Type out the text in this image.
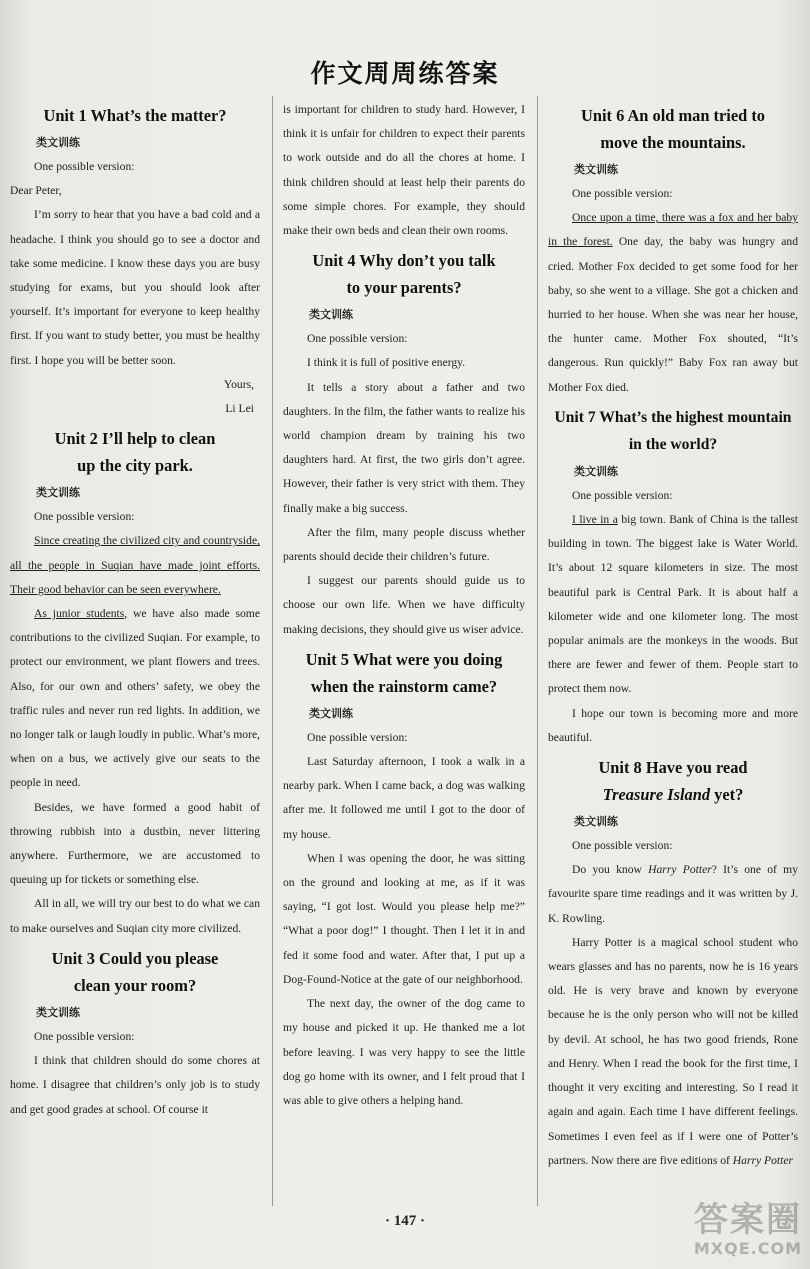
作文周周练答案
Unit 1 What’s the matter?
类文训练

One possible version:

Dear Peter,

I’m sorry to hear that you have a bad cold and a headache. I think you should go to see a doctor and take some medicine. I know these days you are busy studying for exams, but you should look after yourself. It’s important for everyone to keep healthy first. If you want to study better, you must be healthy first. I hope you will be better soon.

Yours,

Li Lei

Unit 2 I’ll help to clean
up the city park.
类文训练

One possible version:

Since creating the civilized city and countryside, all the people in Suqian have made joint efforts. Their good behavior can be seen everywhere.

As junior students, we have also made some contributions to the civilized Suqian. For example, to protect our environment, we plant flowers and trees. Also, for our own and others’ safety, we obey the traffic rules and never run red lights. In addition, we no longer talk or laugh loudly in public. What’s more, when on a bus, we actively give our seats to the people in need.

Besides, we have formed a good habit of throwing rubbish into a dustbin, never littering anywhere. Furthermore, we are accustomed to queuing up for tickets or something else.

All in all, we will try our best to do what we can to make ourselves and Suqian city more civilized.

Unit 3 Could you please
clean your room?
类文训练

One possible version:

I think that children should do some chores at home. I disagree that children’s only job is to study and get good grades at school. Of course it

is important for children to study hard. However, I think it is unfair for children to expect their parents to work outside and do all the chores at home. I think children should at least help their parents do some simple chores. For example, they should make their own beds and clean their own rooms.

Unit 4 Why don’t you talk
to your parents?
类文训练

One possible version:

I think it is full of positive energy.

It tells a story about a father and two daughters. In the film, the father wants to realize his world champion dream by training his two daughters hard. At first, the two girls don’t agree. However, their father is very strict with them. They finally make a big success.

After the film, many people discuss whether parents should decide their children’s future.

I suggest our parents should guide us to choose our own life. When we have difficulty making decisions, they should give us wiser advice.

Unit 5 What were you doing
when the rainstorm came?
类文训练

One possible version:

Last Saturday afternoon, I took a walk in a nearby park. When I came back, a dog was walking after me. It followed me until I got to the door of my house.

When I was opening the door, he was sitting on the ground and looking at me, as if it was saying, “I got lost. Would you please help me?” “What a poor dog!” I thought. Then I let it in and fed it some food and water. After that, I put up a Dog-Found-Notice at the gate of our neighborhood.

The next day, the owner of the dog came to my house and picked it up. He thanked me a lot before leaving. I was very happy to see the little dog go home with its owner, and I felt proud that I was able to give others a helping hand.

Unit 6 An old man tried to
move the mountains.
类文训练

One possible version:

Once upon a time, there was a fox and her baby in the forest. One day, the baby was hungry and cried. Mother Fox decided to get some food for her baby, so she went to a village. She got a chicken and hurried to her house. When she was near her house, the hunter came. Mother Fox shouted, “It’s dangerous. Run quickly!” Baby Fox ran away but Mother Fox died.

Unit 7 What’s the highest mountain
in the world?
类文训练

One possible version:

I live in a big town. Bank of China is the tallest building in town. The biggest lake is Water World. It’s about 12 square kilometers in size. The most beautiful park is Central Park. It is about half a kilometer wide and one kilometer long. The most popular animals are the monkeys in the woods. But there are fewer and fewer of them. People start to protect them now.

I hope our town is becoming more and more beautiful.

Unit 8 Have you read
Treasure Island yet?
类文训练

One possible version:

Do you know Harry Potter? It’s one of my favourite spare time readings and it was written by J. K. Rowling.

Harry Potter is a magical school student who wears glasses and has no parents, now he is 16 years old. He is very brave and known by everyone because he is the only person who will not be killed by devil. At school, he has two good friends, Rone and Henry. When I read the book for the first time, I thought it very exciting and interesting. So I read it again and again. Each time I have different feelings. Sometimes I even feel as if I were one of Potter’s partners. Now there are five editions of Harry Potter

· 147 ·	答案圈
MXQE.COM
